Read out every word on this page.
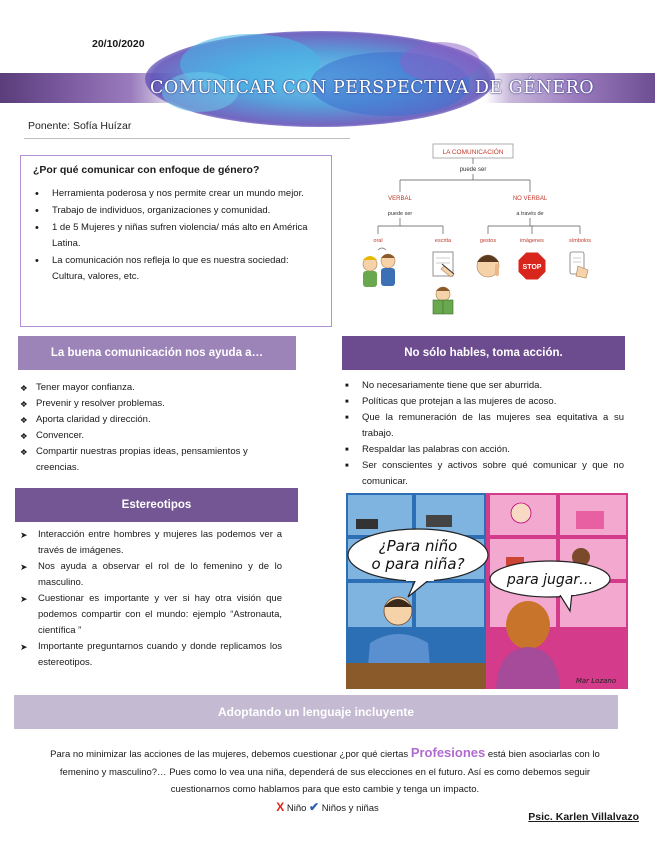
20/10/2020
COMUNICAR CON PERSPECTIVA DE GÉNERO
Ponente: Sofía Huízar
¿Por qué comunicar con enfoque de género?
• Herramienta poderosa y nos permite crear un mundo mejor.
• Trabajo de individuos, organizaciones y comunidad.
• 1 de 5 Mujeres y niñas sufren violencia/ más alto en América Latina.
• La comunicación nos refleja lo que es nuestra sociedad: Cultura, valores, etc.
LA COMUNICACIÓN
puede ser
VERBAL	NO VERBAL
puede ser	a través de
oral	escrita	gestos	imágenes	símbolos
STOP
La buena comunicación nos ayuda a…	No sólo hables, toma acción.
❖ Tener mayor confianza.
❖ Prevenir y resolver problemas.
❖ Aporta claridad y dirección.
❖ Convencer.
❖ Compartir nuestras propias ideas, pensamientos y creencias.
■ No necesariamente tiene que ser aburrida.
■ Políticas que protejan a las mujeres de acoso.
■ Que la remuneración de las mujeres sea equitativa a su trabajo.
■ Respaldar las palabras con acción.
■ Ser conscientes y activos sobre qué comunicar y que no comunicar.
Estereotipos
➤ Interacción entre hombres y mujeres las podemos ver a través de imágenes.
➤ Nos ayuda a observar el rol de lo femenino y de lo masculino.
➤ Cuestionar es importante y ver si hay otra visión que podemos compartir con el mundo: ejemplo “Astronauta, científica ”
➤ Importante preguntarnos cuando y donde replicamos los estereotipos.
¿Para niño
o para niña?
para jugar…
Mar Lozano
Adoptando un lenguaje incluyente

Para no minimizar las acciones de las mujeres, debemos cuestionar ¿por qué ciertas Profesiones está bien asociarlas con lo femenino y masculino?… Pues como lo vea una niña, dependerá de sus elecciones en el futuro. Así es como debemos seguir cuestionarnos como hablamos para que esto cambie y tenga un impacto.

X Niño ✔ Niños y niñas
Psic. Karlen Villalvazo
